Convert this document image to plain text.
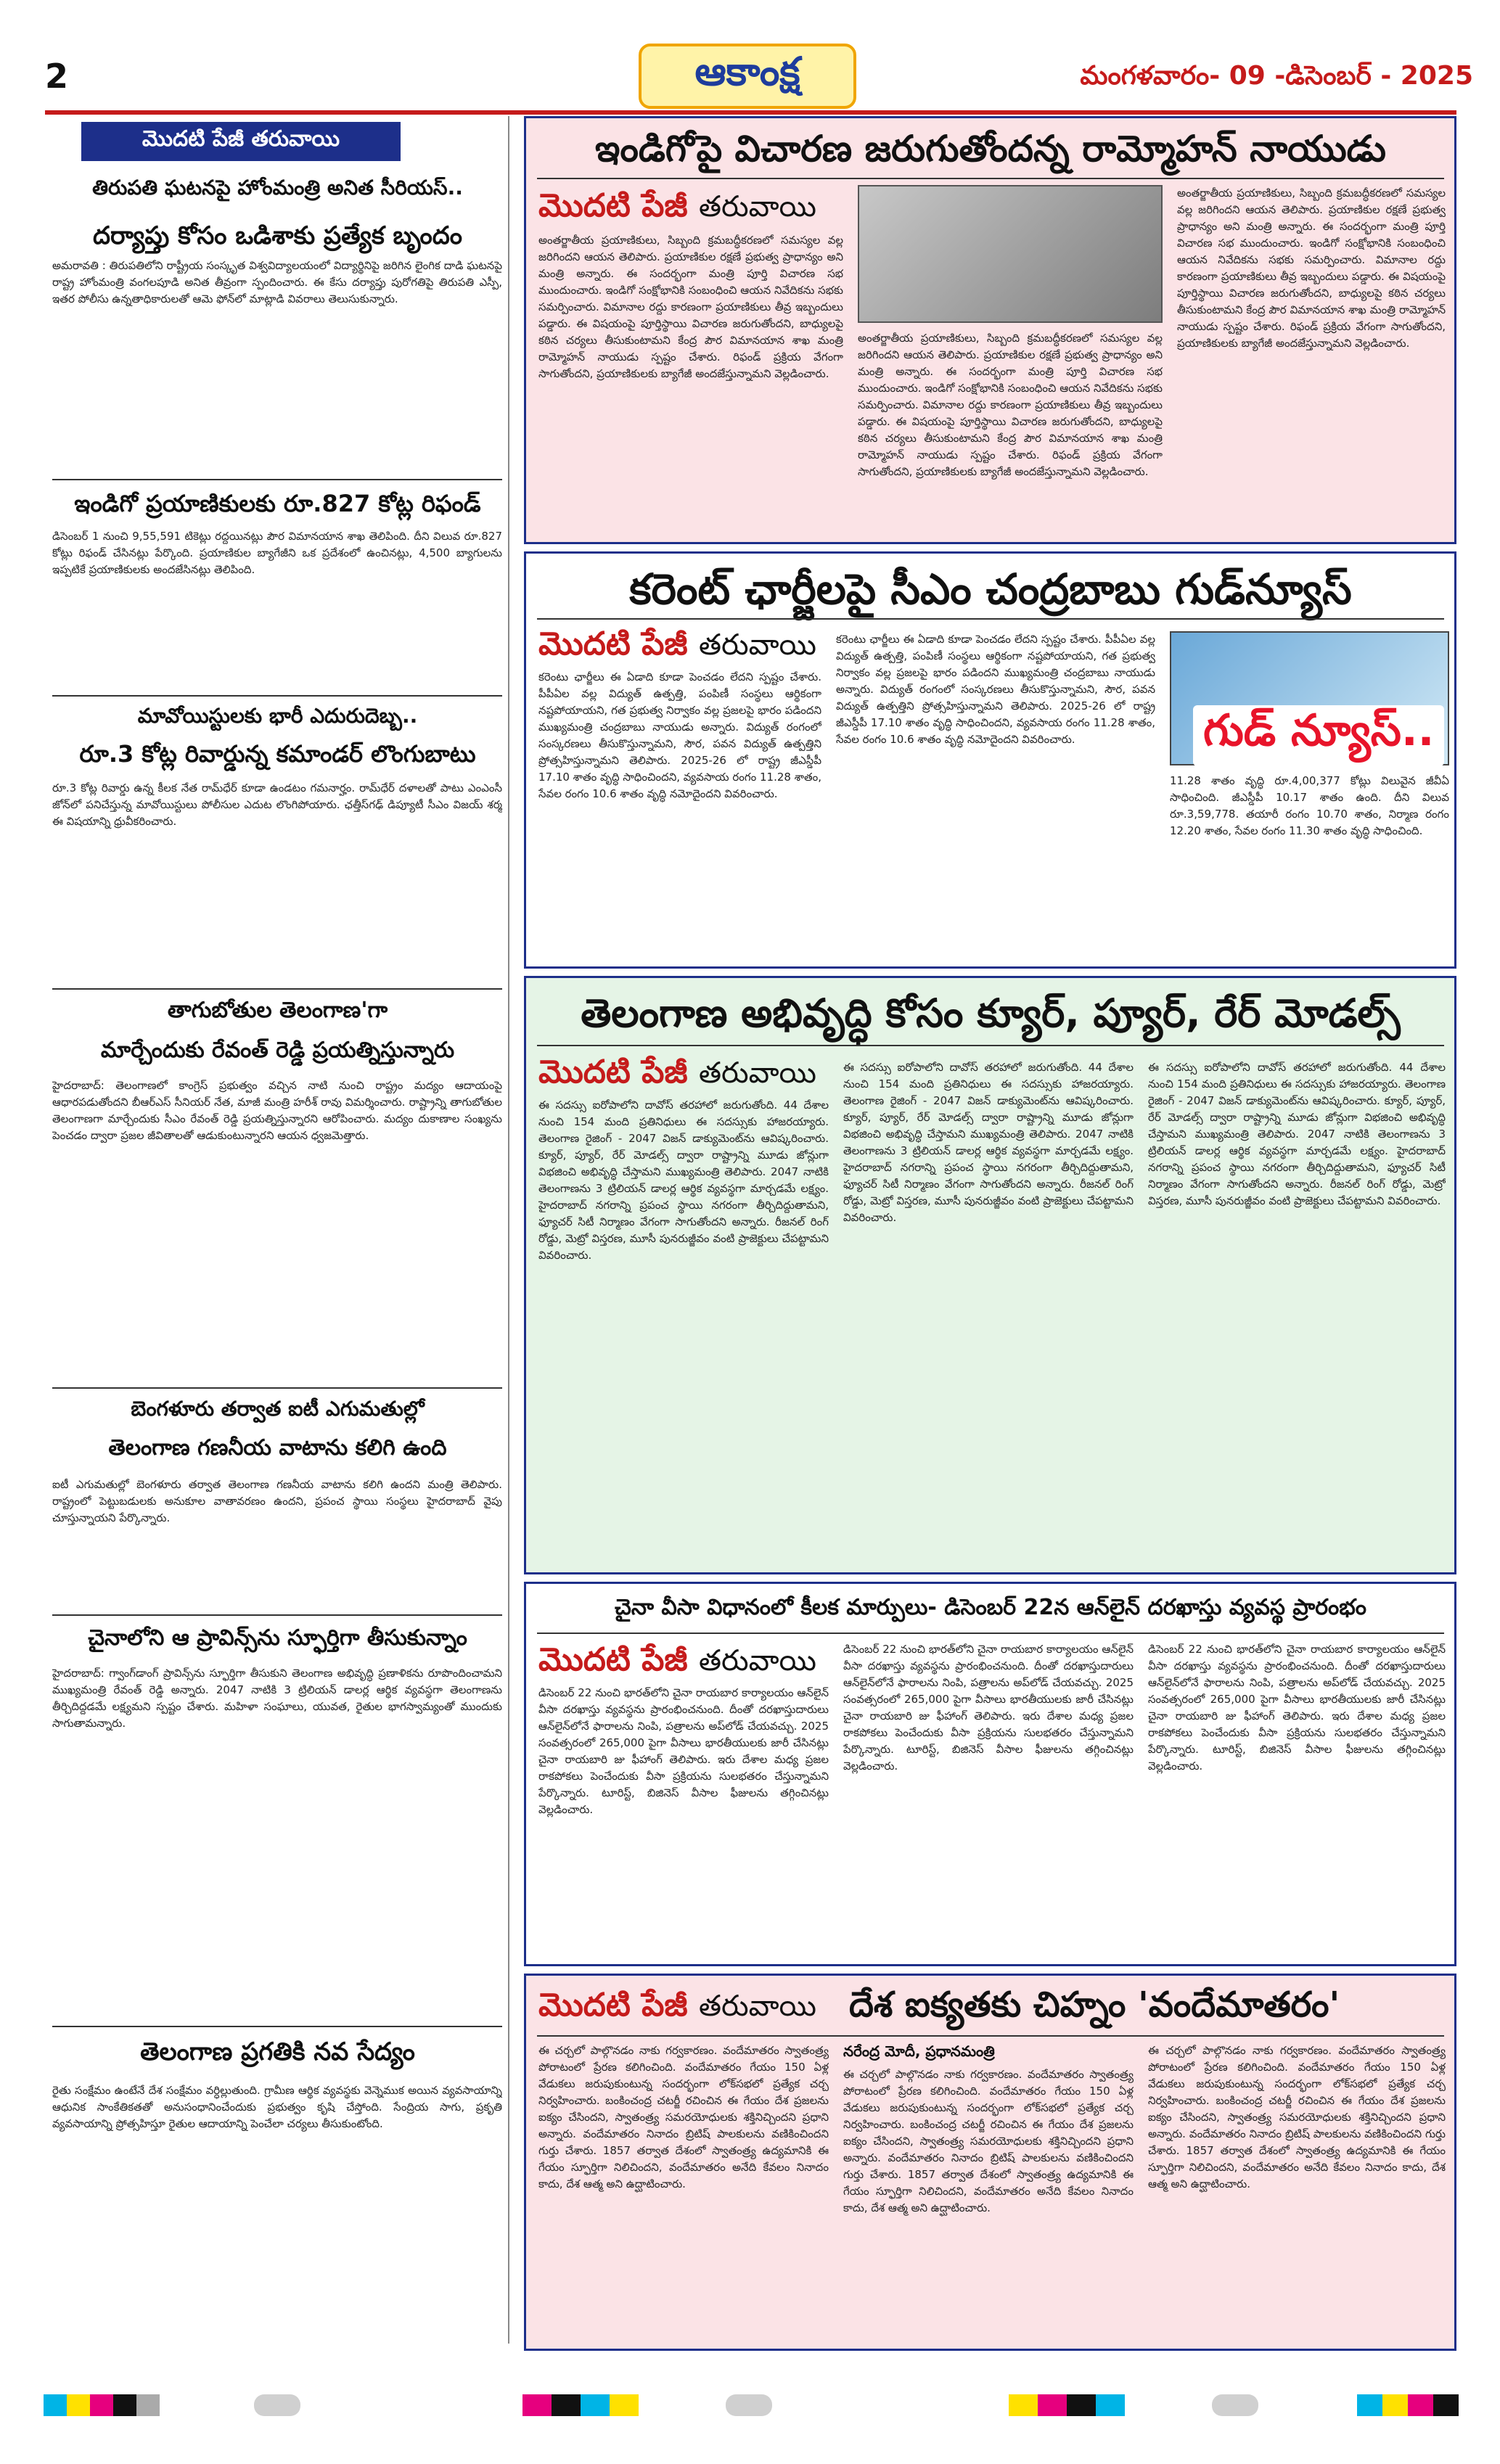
2	ఆకాంక్ష	మంగళవారం- 09 -డిసెంబర్ - 2025
మొదటి పేజీ తరువాయి
తిరుపతి ఘటనపై హోంమంత్రి అనిత సీరియస్..
దర్యాప్తు కోసం ఒడిశాకు ప్రత్యేక బృందం
అమరావతి : తిరుపతిలోని రాష్ట్రీయ సంస్కృత విశ్వవిద్యాలయంలో విద్యార్థినిపై జరిగిన లైంగిక దాడి ఘటనపై రాష్ట్ర హోంమంత్రి వంగలపూడి అనిత తీవ్రంగా స్పందించారు. ఈ కేసు దర్యాప్తు పురోగతిపై తిరుపతి ఎస్పీ, ఇతర పోలీసు ఉన్నతాధికారులతో ఆమె ఫోన్‌లో మాట్లాడి వివరాలు తెలుసుకున్నారు.
ఇండిగో ప్రయాణికులకు రూ.827 కోట్ల రిఫండ్
డిసెంబర్ 1 నుంచి 9,55,591 టికెట్లు రద్దయినట్లు పౌర విమానయాన శాఖ తెలిపింది. దీని విలువ రూ.827 కోట్లు రిఫండ్ చేసినట్లు పేర్కొంది. ప్రయాణికుల బ్యాగేజీని ఒక ప్రదేశంలో ఉంచినట్లు, 4,500 బ్యాగులను ఇప్పటికే ప్రయాణికులకు అందజేసినట్లు తెలిపింది.
మావోయిస్టులకు భారీ ఎదురుదెబ్బ..
రూ.3 కోట్ల రివార్డున్న కమాండర్ లొంగుబాటు
రూ.3 కోట్ల రివార్డు ఉన్న కీలక నేత రామ్‌ధేర్ కూడా ఉండటం గమనార్హం. రామ్‌ధేర్ దళాలతో పాటు ఎంఎంసీ జోన్‌లో పనిచేస్తున్న మావోయిస్టులు పోలీసుల ఎదుట లొంగిపోయారు. ఛత్తీస్‌గఢ్ డిప్యూటీ సీఎం విజయ్ శర్మ ఈ విషయాన్ని ధ్రువీకరించారు.
తాగుబోతుల తెలంగాణ'గా
మార్చేందుకు రేవంత్ రెడ్డి ప్రయత్నిస్తున్నారు
హైదరాబాద్: తెలంగాణలో కాంగ్రెస్ ప్రభుత్వం వచ్చిన నాటి నుంచి రాష్ట్రం మద్యం ఆదాయంపై ఆధారపడుతోందని బీఆర్ఎస్ సీనియర్ నేత, మాజీ మంత్రి హరీశ్ రావు విమర్శించారు. రాష్ట్రాన్ని తాగుబోతుల తెలంగాణగా మార్చేందుకు సీఎం రేవంత్ రెడ్డి ప్రయత్నిస్తున్నారని ఆరోపించారు. మద్యం దుకాణాల సంఖ్యను పెంచడం ద్వారా ప్రజల జీవితాలతో ఆడుకుంటున్నారని ఆయన ధ్వజమెత్తారు.
బెంగళూరు తర్వాత ఐటీ ఎగుమతుల్లో
తెలంగాణ గణనీయ వాటాను కలిగి ఉంది
ఐటీ ఎగుమతుల్లో బెంగళూరు తర్వాత తెలంగాణ గణనీయ వాటాను కలిగి ఉందని మంత్రి తెలిపారు. రాష్ట్రంలో పెట్టుబడులకు అనుకూల వాతావరణం ఉందని, ప్రపంచ స్థాయి సంస్థలు హైదరాబాద్ వైపు చూస్తున్నాయని పేర్కొన్నారు.
చైనాలోని ఆ ప్రావిన్స్‌ను స్ఫూర్తిగా తీసుకున్నాం
హైదరాబాద్: గ్వాంగ్‌డాంగ్ ప్రావిన్స్‌ను స్ఫూర్తిగా తీసుకుని తెలంగాణ అభివృద్ధి ప్రణాళికను రూపొందించామని ముఖ్యమంత్రి రేవంత్ రెడ్డి అన్నారు. 2047 నాటికి 3 ట్రిలియన్ డాలర్ల ఆర్థిక వ్యవస్థగా తెలంగాణను తీర్చిదిద్దడమే లక్ష్యమని స్పష్టం చేశారు. మహిళా సంఘాలు, యువత, రైతుల భాగస్వామ్యంతో ముందుకు సాగుతామన్నారు.
తెలంగాణ ప్రగతికి నవ సేద్యం
రైతు సంక్షేమం ఉంటేనే దేశ సంక్షేమం వర్ధిల్లుతుంది. గ్రామీణ ఆర్థిక వ్యవస్థకు వెన్నెముక అయిన వ్యవసాయాన్ని ఆధునిక సాంకేతికతతో అనుసంధానించేందుకు ప్రభుత్వం కృషి చేస్తోంది. సేంద్రియ సాగు, ప్రకృతి వ్యవసాయాన్ని ప్రోత్సహిస్తూ రైతుల ఆదాయాన్ని పెంచేలా చర్యలు తీసుకుంటోంది.
ఇండిగోపై విచారణ జరుగుతోందన్న రామ్మోహన్ నాయుడు
మొదటి పేజీ తరువాయి
అంతర్జాతీయ ప్రయాణికులు, సిబ్బంది క్రమబద్ధీకరణలో సమస్యల వల్ల జరిగిందని ఆయన తెలిపారు. ప్రయాణికుల రక్షణే ప్రభుత్వ ప్రాధాన్యం అని మంత్రి అన్నారు. ఈ సందర్భంగా మంత్రి పూర్తి విచారణ సభ ముందుంచారు. ఇండిగో సంక్షోభానికి సంబంధించి ఆయన నివేదికను సభకు సమర్పించారు. విమానాల రద్దు కారణంగా ప్రయాణికులు తీవ్ర ఇబ్బందులు పడ్డారు. ఈ విషయంపై పూర్తిస్థాయి విచారణ జరుగుతోందని, బాధ్యులపై కఠిన చర్యలు తీసుకుంటామని కేంద్ర పౌర విమానయాన శాఖ మంత్రి రామ్మోహన్ నాయుడు స్పష్టం చేశారు. రిఫండ్ ప్రక్రియ వేగంగా సాగుతోందని, ప్రయాణికులకు బ్యాగేజీ అందజేస్తున్నామని వెల్లడించారు.
అంతర్జాతీయ ప్రయాణికులు, సిబ్బంది క్రమబద్ధీకరణలో సమస్యల వల్ల జరిగిందని ఆయన తెలిపారు. ప్రయాణికుల రక్షణే ప్రభుత్వ ప్రాధాన్యం అని మంత్రి అన్నారు. ఈ సందర్భంగా మంత్రి పూర్తి విచారణ సభ ముందుంచారు. ఇండిగో సంక్షోభానికి సంబంధించి ఆయన నివేదికను సభకు సమర్పించారు. విమానాల రద్దు కారణంగా ప్రయాణికులు తీవ్ర ఇబ్బందులు పడ్డారు. ఈ విషయంపై పూర్తిస్థాయి విచారణ జరుగుతోందని, బాధ్యులపై కఠిన చర్యలు తీసుకుంటామని కేంద్ర పౌర విమానయాన శాఖ మంత్రి రామ్మోహన్ నాయుడు స్పష్టం చేశారు. రిఫండ్ ప్రక్రియ వేగంగా సాగుతోందని, ప్రయాణికులకు బ్యాగేజీ అందజేస్తున్నామని వెల్లడించారు.
అంతర్జాతీయ ప్రయాణికులు, సిబ్బంది క్రమబద్ధీకరణలో సమస్యల వల్ల జరిగిందని ఆయన తెలిపారు. ప్రయాణికుల రక్షణే ప్రభుత్వ ప్రాధాన్యం అని మంత్రి అన్నారు. ఈ సందర్భంగా మంత్రి పూర్తి విచారణ సభ ముందుంచారు. ఇండిగో సంక్షోభానికి సంబంధించి ఆయన నివేదికను సభకు సమర్పించారు. విమానాల రద్దు కారణంగా ప్రయాణికులు తీవ్ర ఇబ్బందులు పడ్డారు. ఈ విషయంపై పూర్తిస్థాయి విచారణ జరుగుతోందని, బాధ్యులపై కఠిన చర్యలు తీసుకుంటామని కేంద్ర పౌర విమానయాన శాఖ మంత్రి రామ్మోహన్ నాయుడు స్పష్టం చేశారు. రిఫండ్ ప్రక్రియ వేగంగా సాగుతోందని, ప్రయాణికులకు బ్యాగేజీ అందజేస్తున్నామని వెల్లడించారు.
కరెంట్ ఛార్జీలపై సీఎం చంద్రబాబు గుడ్‌న్యూస్
మొదటి పేజీ తరువాయి
కరెంటు ఛార్జీలు ఈ ఏడాది కూడా పెంచడం లేదని స్పష్టం చేశారు. పీపీఏల వల్ల విద్యుత్ ఉత్పత్తి, పంపిణీ సంస్థలు ఆర్థికంగా నష్టపోయాయని, గత ప్రభుత్వ నిర్వాకం వల్ల ప్రజలపై భారం పడిందని ముఖ్యమంత్రి చంద్రబాబు నాయుడు అన్నారు. విద్యుత్ రంగంలో సంస్కరణలు తీసుకొస్తున్నామని, సౌర, పవన విద్యుత్ ఉత్పత్తిని ప్రోత్సహిస్తున్నామని తెలిపారు. 2025-26 లో రాష్ట్ర జీఎస్డీపీ 17.10 శాతం వృద్ధి సాధించిందని, వ్యవసాయ రంగం 11.28 శాతం, సేవల రంగం 10.6 శాతం వృద్ధి నమోదైందని వివరించారు.
కరెంటు ఛార్జీలు ఈ ఏడాది కూడా పెంచడం లేదని స్పష్టం చేశారు. పీపీఏల వల్ల విద్యుత్ ఉత్పత్తి, పంపిణీ సంస్థలు ఆర్థికంగా నష్టపోయాయని, గత ప్రభుత్వ నిర్వాకం వల్ల ప్రజలపై భారం పడిందని ముఖ్యమంత్రి చంద్రబాబు నాయుడు అన్నారు. విద్యుత్ రంగంలో సంస్కరణలు తీసుకొస్తున్నామని, సౌర, పవన విద్యుత్ ఉత్పత్తిని ప్రోత్సహిస్తున్నామని తెలిపారు. 2025-26 లో రాష్ట్ర జీఎస్డీపీ 17.10 శాతం వృద్ధి సాధించిందని, వ్యవసాయ రంగం 11.28 శాతం, సేవల రంగం 10.6 శాతం వృద్ధి నమోదైందని వివరించారు.	గుడ్ న్యూస్..
11.28 శాతం వృద్ధి రూ.4,00,377 కోట్లు విలువైన జీవీఏ సాధించింది. జీఎస్డీపీ 10.17 శాతం ఉంది. దీని విలువ రూ.3,59,778. తయారీ రంగం 10.70 శాతం, నిర్మాణ రంగం 12.20 శాతం, సేవల రంగం 11.30 శాతం వృద్ధి సాధించింది.
తెలంగాణ అభివృద్ధి కోసం క్యూర్, ప్యూర్, రేర్ మోడల్స్
మొదటి పేజీ తరువాయి
ఈ సదస్సు ఐరోపాలోని దావోస్ తరహాలో జరుగుతోంది. 44 దేశాల నుంచి 154 మంది ప్రతినిధులు ఈ సదస్సుకు హాజరయ్యారు. తెలంగాణ రైజింగ్ - 2047 విజన్ డాక్యుమెంట్‌ను ఆవిష్కరించారు. క్యూర్, ప్యూర్, రేర్ మోడల్స్ ద్వారా రాష్ట్రాన్ని మూడు జోన్లుగా విభజించి అభివృద్ధి చేస్తామని ముఖ్యమంత్రి తెలిపారు. 2047 నాటికి తెలంగాణను 3 ట్రిలియన్ డాలర్ల ఆర్థిక వ్యవస్థగా మార్చడమే లక్ష్యం. హైదరాబాద్ నగరాన్ని ప్రపంచ స్థాయి నగరంగా తీర్చిదిద్దుతామని, ఫ్యూచర్ సిటీ నిర్మాణం వేగంగా సాగుతోందని అన్నారు. రీజనల్ రింగ్ రోడ్డు, మెట్రో విస్తరణ, మూసీ పునరుజ్జీవం వంటి ప్రాజెక్టులు చేపట్టామని వివరించారు.
ఈ సదస్సు ఐరోపాలోని దావోస్ తరహాలో జరుగుతోంది. 44 దేశాల నుంచి 154 మంది ప్రతినిధులు ఈ సదస్సుకు హాజరయ్యారు. తెలంగాణ రైజింగ్ - 2047 విజన్ డాక్యుమెంట్‌ను ఆవిష్కరించారు. క్యూర్, ప్యూర్, రేర్ మోడల్స్ ద్వారా రాష్ట్రాన్ని మూడు జోన్లుగా విభజించి అభివృద్ధి చేస్తామని ముఖ్యమంత్రి తెలిపారు. 2047 నాటికి తెలంగాణను 3 ట్రిలియన్ డాలర్ల ఆర్థిక వ్యవస్థగా మార్చడమే లక్ష్యం. హైదరాబాద్ నగరాన్ని ప్రపంచ స్థాయి నగరంగా తీర్చిదిద్దుతామని, ఫ్యూచర్ సిటీ నిర్మాణం వేగంగా సాగుతోందని అన్నారు. రీజనల్ రింగ్ రోడ్డు, మెట్రో విస్తరణ, మూసీ పునరుజ్జీవం వంటి ప్రాజెక్టులు చేపట్టామని వివరించారు.
ఈ సదస్సు ఐరోపాలోని దావోస్ తరహాలో జరుగుతోంది. 44 దేశాల నుంచి 154 మంది ప్రతినిధులు ఈ సదస్సుకు హాజరయ్యారు. తెలంగాణ రైజింగ్ - 2047 విజన్ డాక్యుమెంట్‌ను ఆవిష్కరించారు. క్యూర్, ప్యూర్, రేర్ మోడల్స్ ద్వారా రాష్ట్రాన్ని మూడు జోన్లుగా విభజించి అభివృద్ధి చేస్తామని ముఖ్యమంత్రి తెలిపారు. 2047 నాటికి తెలంగాణను 3 ట్రిలియన్ డాలర్ల ఆర్థిక వ్యవస్థగా మార్చడమే లక్ష్యం. హైదరాబాద్ నగరాన్ని ప్రపంచ స్థాయి నగరంగా తీర్చిదిద్దుతామని, ఫ్యూచర్ సిటీ నిర్మాణం వేగంగా సాగుతోందని అన్నారు. రీజనల్ రింగ్ రోడ్డు, మెట్రో విస్తరణ, మూసీ పునరుజ్జీవం వంటి ప్రాజెక్టులు చేపట్టామని వివరించారు.
చైనా వీసా విధానంలో కీలక మార్పులు- డిసెంబర్ 22న ఆన్‌లైన్ దరఖాస్తు వ్యవస్థ ప్రారంభం
మొదటి పేజీ తరువాయి
డిసెంబర్ 22 నుంచి భారత్‌లోని చైనా రాయబార కార్యాలయం ఆన్‌లైన్ వీసా దరఖాస్తు వ్యవస్థను ప్రారంభించనుంది. దీంతో దరఖాస్తుదారులు ఆన్‌లైన్‌లోనే ఫారాలను నింపి, పత్రాలను అప్‌లోడ్ చేయవచ్చు. 2025 సంవత్సరంలో 265,000 పైగా వీసాలు భారతీయులకు జారీ చేసినట్లు చైనా రాయబారి జు ఫీహాంగ్ తెలిపారు. ఇరు దేశాల మధ్య ప్రజల రాకపోకలు పెంచేందుకు వీసా ప్రక్రియను సులభతరం చేస్తున్నామని పేర్కొన్నారు. టూరిస్ట్, బిజినెస్ వీసాల ఫీజులను తగ్గించినట్లు వెల్లడించారు.
డిసెంబర్ 22 నుంచి భారత్‌లోని చైనా రాయబార కార్యాలయం ఆన్‌లైన్ వీసా దరఖాస్తు వ్యవస్థను ప్రారంభించనుంది. దీంతో దరఖాస్తుదారులు ఆన్‌లైన్‌లోనే ఫారాలను నింపి, పత్రాలను అప్‌లోడ్ చేయవచ్చు. 2025 సంవత్సరంలో 265,000 పైగా వీసాలు భారతీయులకు జారీ చేసినట్లు చైనా రాయబారి జు ఫీహాంగ్ తెలిపారు. ఇరు దేశాల మధ్య ప్రజల రాకపోకలు పెంచేందుకు వీసా ప్రక్రియను సులభతరం చేస్తున్నామని పేర్కొన్నారు. టూరిస్ట్, బిజినెస్ వీసాల ఫీజులను తగ్గించినట్లు వెల్లడించారు.
డిసెంబర్ 22 నుంచి భారత్‌లోని చైనా రాయబార కార్యాలయం ఆన్‌లైన్ వీసా దరఖాస్తు వ్యవస్థను ప్రారంభించనుంది. దీంతో దరఖాస్తుదారులు ఆన్‌లైన్‌లోనే ఫారాలను నింపి, పత్రాలను అప్‌లోడ్ చేయవచ్చు. 2025 సంవత్సరంలో 265,000 పైగా వీసాలు భారతీయులకు జారీ చేసినట్లు చైనా రాయబారి జు ఫీహాంగ్ తెలిపారు. ఇరు దేశాల మధ్య ప్రజల రాకపోకలు పెంచేందుకు వీసా ప్రక్రియను సులభతరం చేస్తున్నామని పేర్కొన్నారు. టూరిస్ట్, బిజినెస్ వీసాల ఫీజులను తగ్గించినట్లు వెల్లడించారు.
మొదటి పేజీ తరువాయి దేశ ఐక్యతకు చిహ్నం 'వందేమాతరం'
ఈ చర్చలో పాల్గొనడం నాకు గర్వకారణం. వందేమాతరం స్వాతంత్ర్య పోరాటంలో ప్రేరణ కలిగించింది. వందేమాతరం గేయం 150 ఏళ్ల వేడుకలు జరుపుకుంటున్న సందర్భంగా లోక్‌సభలో ప్రత్యేక చర్చ నిర్వహించారు. బంకించంద్ర చటర్జీ రచించిన ఈ గేయం దేశ ప్రజలను ఐక్యం చేసిందని, స్వాతంత్ర్య సమరయోధులకు శక్తినిచ్చిందని ప్రధాని అన్నారు. వందేమాతరం నినాదం బ్రిటిష్ పాలకులను వణికించిందని గుర్తు చేశారు. 1857 తర్వాత దేశంలో స్వాతంత్ర్య ఉద్యమానికి ఈ గేయం స్ఫూర్తిగా నిలిచిందని, వందేమాతరం అనేది కేవలం నినాదం కాదు, దేశ ఆత్మ అని ఉద్ఘాటించారు.
నరేంద్ర మోదీ, ప్రధానమంత్రి
ఈ చర్చలో పాల్గొనడం నాకు గర్వకారణం. వందేమాతరం స్వాతంత్ర్య పోరాటంలో ప్రేరణ కలిగించింది. వందేమాతరం గేయం 150 ఏళ్ల వేడుకలు జరుపుకుంటున్న సందర్భంగా లోక్‌సభలో ప్రత్యేక చర్చ నిర్వహించారు. బంకించంద్ర చటర్జీ రచించిన ఈ గేయం దేశ ప్రజలను ఐక్యం చేసిందని, స్వాతంత్ర్య సమరయోధులకు శక్తినిచ్చిందని ప్రధాని అన్నారు. వందేమాతరం నినాదం బ్రిటిష్ పాలకులను వణికించిందని గుర్తు చేశారు. 1857 తర్వాత దేశంలో స్వాతంత్ర్య ఉద్యమానికి ఈ గేయం స్ఫూర్తిగా నిలిచిందని, వందేమాతరం అనేది కేవలం నినాదం కాదు, దేశ ఆత్మ అని ఉద్ఘాటించారు.
ఈ చర్చలో పాల్గొనడం నాకు గర్వకారణం. వందేమాతరం స్వాతంత్ర్య పోరాటంలో ప్రేరణ కలిగించింది. వందేమాతరం గేయం 150 ఏళ్ల వేడుకలు జరుపుకుంటున్న సందర్భంగా లోక్‌సభలో ప్రత్యేక చర్చ నిర్వహించారు. బంకించంద్ర చటర్జీ రచించిన ఈ గేయం దేశ ప్రజలను ఐక్యం చేసిందని, స్వాతంత్ర్య సమరయోధులకు శక్తినిచ్చిందని ప్రధాని అన్నారు. వందేమాతరం నినాదం బ్రిటిష్ పాలకులను వణికించిందని గుర్తు చేశారు. 1857 తర్వాత దేశంలో స్వాతంత్ర్య ఉద్యమానికి ఈ గేయం స్ఫూర్తిగా నిలిచిందని, వందేమాతరం అనేది కేవలం నినాదం కాదు, దేశ ఆత్మ అని ఉద్ఘాటించారు.
